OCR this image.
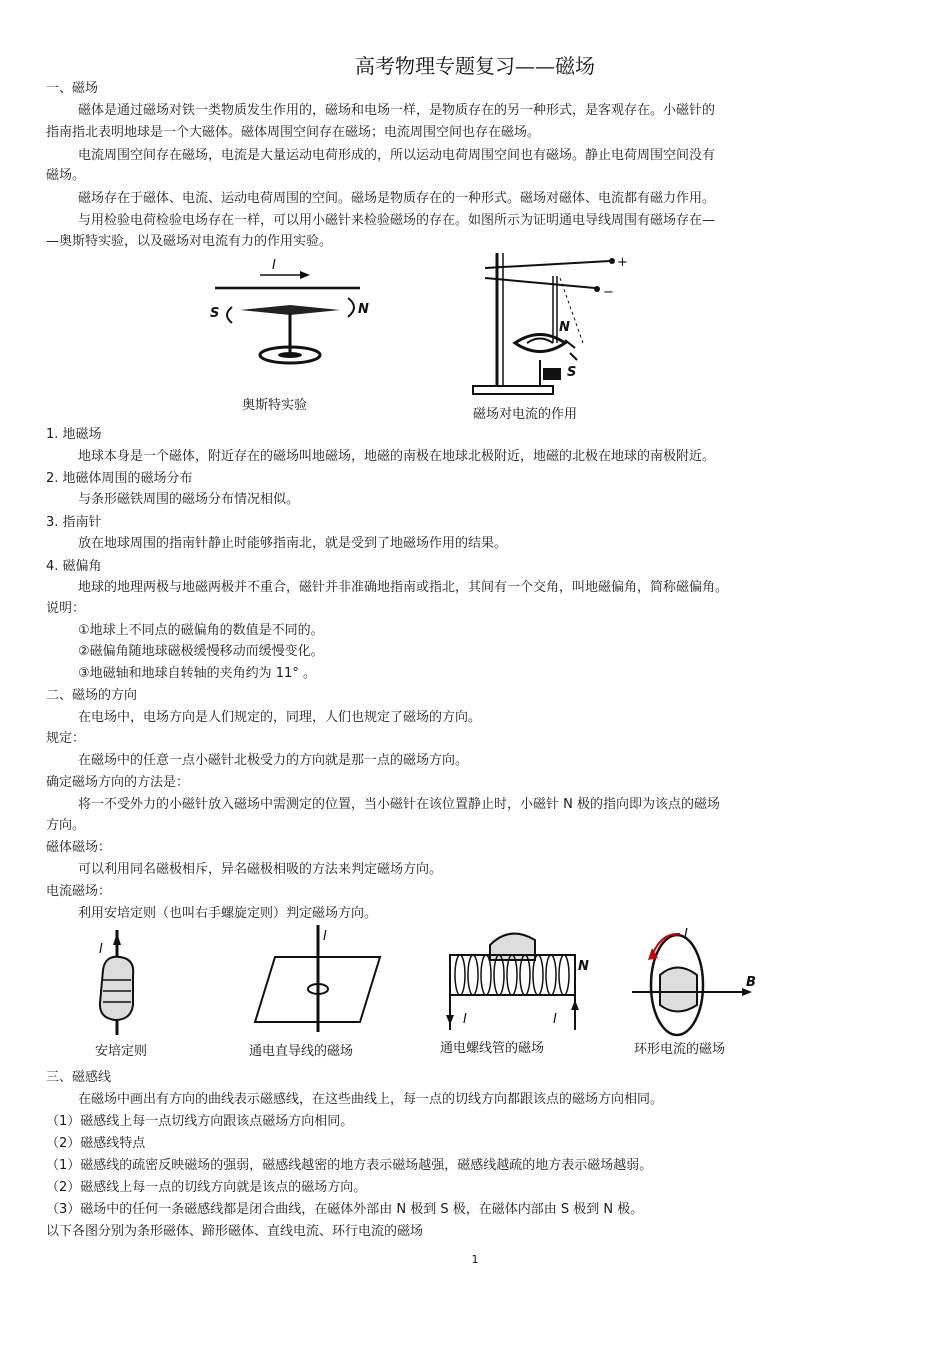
高考物理专题复习——磁场
一、磁场
磁体是通过磁场对铁一类物质发生作用的，磁场和电场一样，是物质存在的另一种形式，是客观存在。小磁针的
指南指北表明地球是一个大磁体。磁体周围空间存在磁场；电流周围空间也存在磁场。
电流周围空间存在磁场，电流是大量运动电荷形成的，所以运动电荷周围空间也有磁场。静止电荷周围空间没有
磁场。
磁场存在于磁体、电流、运动电荷周围的空间。磁场是物质存在的一种形式。磁场对磁体、电流都有磁力作用。
与用检验电荷检验电场存在一样，可以用小磁针来检验磁场的存在。如图所示为证明通电导线周围有磁场存在—
—奥斯特实验，以及磁场对电流有力的作用实验。
I
S	N
奥斯特实验
+
−
N
S
磁场对电流的作用
1. 地磁场
地球本身是一个磁体，附近存在的磁场叫地磁场，地磁的南极在地球北极附近，地磁的北极在地球的南极附近。
2. 地磁体周围的磁场分布
与条形磁铁周围的磁场分布情况相似。
3. 指南针
放在地球周围的指南针静止时能够指南北，就是受到了地磁场作用的结果。
4. 磁偏角
地球的地理两极与地磁两极并不重合，磁针并非准确地指南或指北，其间有一个交角，叫地磁偏角，简称磁偏角。
说明：
①地球上不同点的磁偏角的数值是不同的。
②磁偏角随地球磁极缓慢移动而缓慢变化。
③地磁轴和地球自转轴的夹角约为 11° 。
二、磁场的方向
在电场中，电场方向是人们规定的，同理，人们也规定了磁场的方向。
规定：
在磁场中的任意一点小磁针北极受力的方向就是那一点的磁场方向。
确定磁场方向的方法是：
将一不受外力的小磁针放入磁场中需测定的位置，当小磁针在该位置静止时，小磁针 N 极的指向即为该点的磁场
方向。
磁体磁场：
可以利用同名磁极相斥，异名磁极相吸的方法来判定磁场方向。
电流磁场：
利用安培定则（也叫右手螺旋定则）判定磁场方向。
I
安培定则
I
通电直导线的磁场
N
I	I
通电螺线管的磁场
I
B
环形电流的磁场
三、磁感线
在磁场中画出有方向的曲线表示磁感线，在这些曲线上，每一点的切线方向都跟该点的磁场方向相同。
（1）磁感线上每一点切线方向跟该点磁场方向相同。
（2）磁感线特点
（1）磁感线的疏密反映磁场的强弱，磁感线越密的地方表示磁场越强，磁感线越疏的地方表示磁场越弱。
（2）磁感线上每一点的切线方向就是该点的磁场方向。
（3）磁场中的任何一条磁感线都是闭合曲线，在磁体外部由 N 极到 S 极，在磁体内部由 S 极到 N 极。
以下各图分别为条形磁体、蹄形磁体、直线电流、环行电流的磁场
1
